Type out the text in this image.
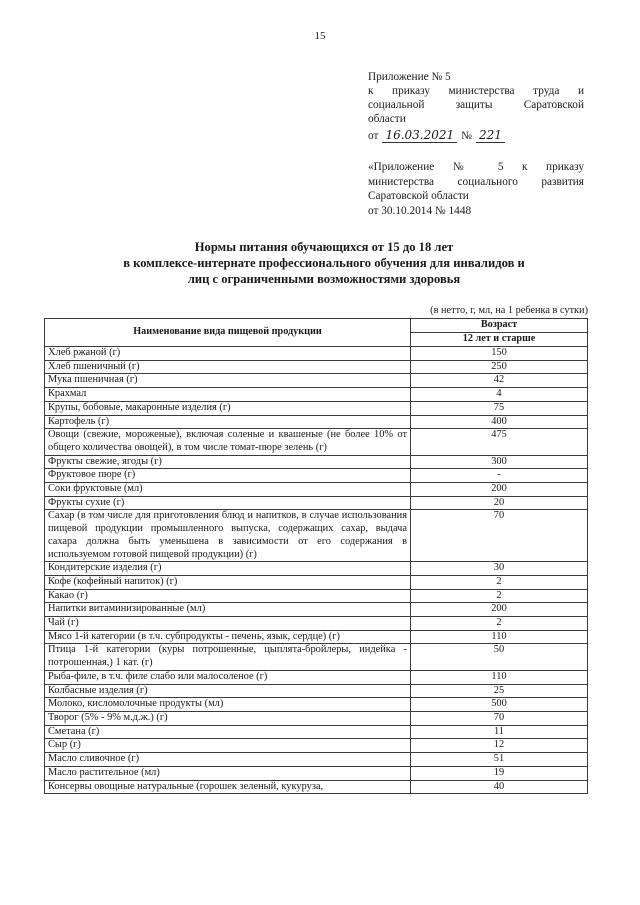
15
Приложение № 5
к приказу министерства труда и
социальной защиты Саратовской
области
от 16.03.2021 № 221
«Приложение № 5 к приказу
министерства социального развития
Саратовской области
от 30.10.2014 № 1448
Нормы питания обучающихся от 15 до 18 лет
в комплексе-интернате профессионального обучения для инвалидов и
лиц с ограниченными возможностями здоровья
(в нетто, г, мл, на 1 ребенка в сутки)
Наименование вида пищевой продукции	Возраст
	12 лет и старше
Хлеб ржаной (г)	150
Хлеб пшеничный (г)	250
Мука пшеничная (г)	42
Крахмал	4
Крупы, бобовые, макаронные изделия (г)	75
Картофель (г)	400
Овощи (свежие, мороженые), включая соленые и квашеные (не более 10% от общего количества овощей), в том числе томат-пюре зелень (г)	475
Фрукты свежие, ягоды (г)	300
Фруктовое пюре (г)	-
Соки фруктовые (мл)	200
Фрукты сухие (г)	20
Сахар (в том числе для приготовления блюд и напитков, в случае использования пищевой продукции промышленного выпуска, содержащих сахар, выдача сахара должна быть уменьшена в зависимости от его содержания в используемом готовой пищевой продукции) (г)	70
Кондитерские изделия (г)	30
Кофе (кофейный напиток) (г)	2
Какао (г)	2
Напитки витаминизированные (мл)	200
Чай (г)	2
Мясо 1-й категории (в т.ч. субпродукты - печень, язык, сердце) (г)	110
Птица 1-й категории (куры потрошенные, цыплята-бройлеры, индейка - потрошенная,) 1 кат. (г)	50
Рыба-филе, в т.ч. филе слабо или малосоленое (г)	110
Колбасные изделия (г)	25
Молоко, кисломолочные продукты (мл)	500
Творог (5% - 9% м.д.ж.) (г)	70
Сметана (г)	11
Сыр (г)	12
Масло сливочное (г)	51
Масло растительное (мл)	19
Консервы овощные натуральные (горошек зеленый, кукуруза,	40
